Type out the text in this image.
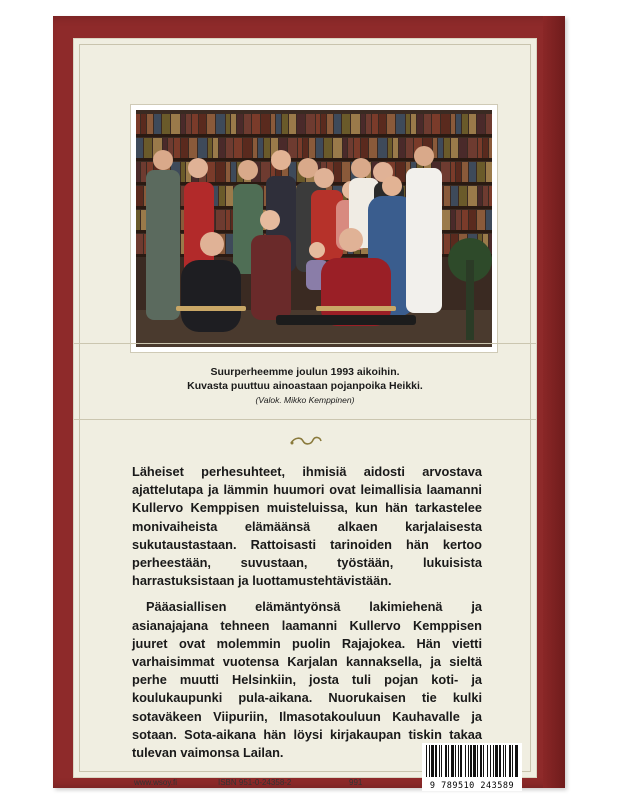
Suurperheemme joulun 1993 aikoihin.
Kuvasta puuttuu ainoastaan pojanpoika Heikki.
(Valok. Mikko Kemppinen)

Läheiset perhesuhteet, ihmisiä aidosti arvostava ajattelutapa ja lämmin huumori ovat leimallisia laamanni Kullervo Kemppisen muisteluissa, kun hän tarkastelee monivaiheista elämäänsä alkaen karjalaisesta sukutaustastaan. Rattoisasti tarinoiden hän kertoo perheestään, suvustaan, työstään, lukuisista harrastuksistaan ja luottamustehtävistään.

Pääasiallisen elämäntyönsä lakimiehenä ja asianajajana tehneen laamanni Kullervo Kemppisen juuret ovat molemmin puolin Rajajokea. Hän vietti varhaisimmat vuotensa Karjalan kannaksella, ja sieltä perhe muutti Helsinkiin, josta tuli pojan koti- ja koulukaupunki pula-aikana. Nuorukaisen tie kulki sotaväkeen Viipuriin, Ilmasotakouluun Kauhavalle ja sotaan. Sota-aikana hän löysi kirjakaupan tiskin takaa tulevan vaimonsa Lailan.

www.wsoy.fi	ISBN 951-0-24358-2	991	9 789510 243589
